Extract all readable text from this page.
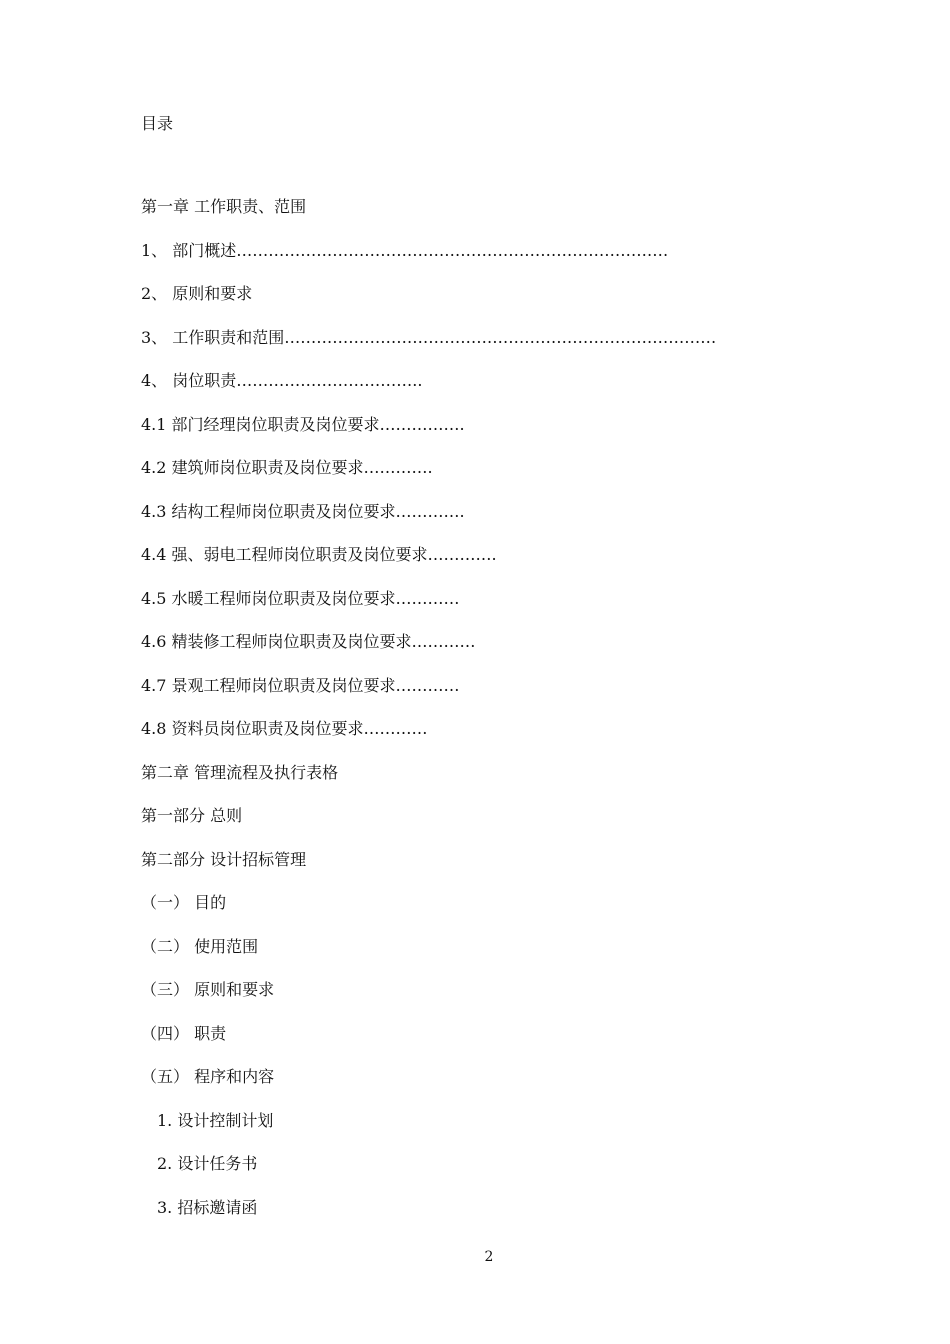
目录
第一章 工作职责、范围
1、 部门概述………………………………………………………………………
2、 原则和要求
3、 工作职责和范围………………………………………………………………………
4、 岗位职责……………………………..
4.1 部门经理岗位职责及岗位要求…………….
4.2 建筑师岗位职责及岗位要求………….
4.3 结构工程师岗位职责及岗位要求………….
4.4 强、弱电工程师岗位职责及岗位要求………….
4.5 水暖工程师岗位职责及岗位要求…………
4.6 精装修工程师岗位职责及岗位要求…………
4.7 景观工程师岗位职责及岗位要求…………
4.8 资料员岗位职责及岗位要求…………
第二章 管理流程及执行表格
第一部分 总则
第二部分 设计招标管理
（一） 目的
（二） 使用范围
（三） 原则和要求
（四） 职责
（五） 程序和内容
1. 设计控制计划
2. 设计任务书
3. 招标邀请函
2
